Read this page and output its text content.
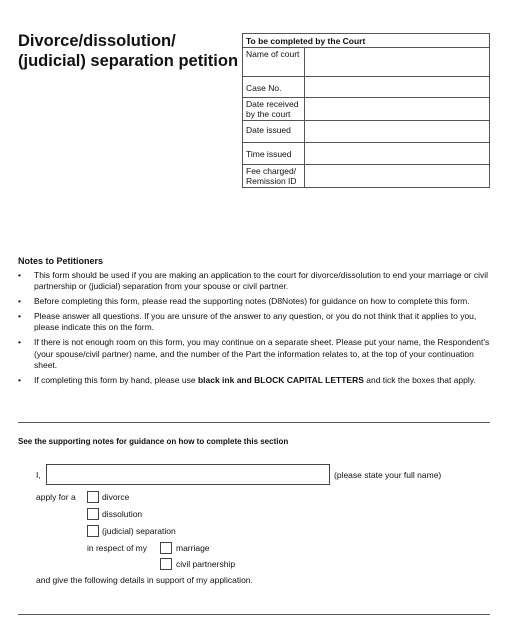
Divorce/dissolution/
(judicial) separation petition
To be completed by the Court
Name of court
Case No.
Date received by the court
Date issued
Time issued
Fee charged/ Remission ID
Notes to Petitioners
• This form should be used if you are making an application to the court for divorce/dissolution to end your marriage or civil partnership or (judicial) separation from your spouse or civil partner.
• Before completing this form, please read the supporting notes (D8Notes) for guidance on how to complete this form.
• Please answer all questions. If you are unsure of the answer to any question, or you do not think that it applies to you, please indicate this on the form.
• If there is not enough room on this form, you may continue on a separate sheet. Please put your name, the Respondent's (your spouse/civil partner) name, and the number of the Part the information relates to, at the top of your continuation sheet.
• If completing this form by hand, please use black ink and BLOCK CAPITAL LETTERS and tick the boxes that apply.
See the supporting notes for guidance on how to complete this section
I,	(please state your full name)
apply for a	divorce
dissolution
(judicial) separation
in respect of my	marriage
civil partnership
and give the following details in support of my application.
